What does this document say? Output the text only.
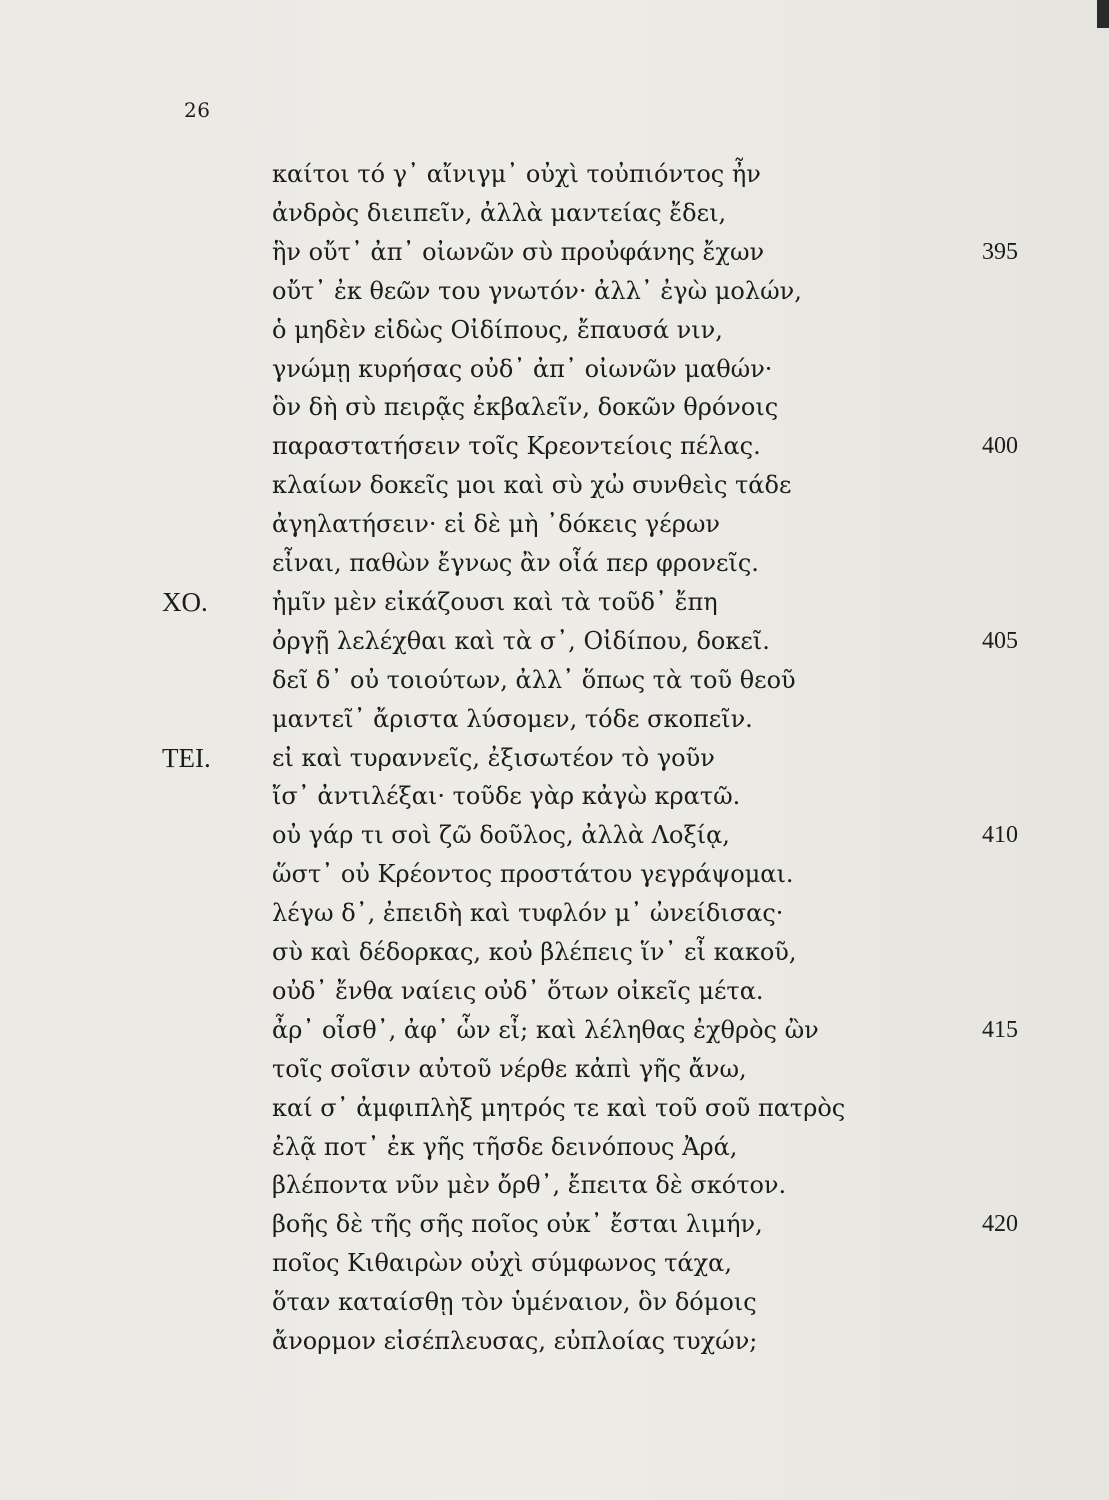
26
καίτοι τό γ᾽ αἴνιγμ᾽ οὐχὶ τοὐπιόντος ἦν
ἀνδρὸς διειπεῖν, ἀλλὰ μαντείας ἔδει,
ἣν οὔτ᾽ ἀπ᾽ οἰωνῶν σὺ προὐφάνης ἔχων	395
οὔτ᾽ ἐκ θεῶν του γνωτόν· ἀλλ᾽ ἐγὼ μολών,
ὁ μηδὲν εἰδὼς Οἰδίπους, ἔπαυσά νιν,
γνώμῃ κυρήσας οὐδ᾽ ἀπ᾽ οἰωνῶν μαθών·
ὃν δὴ σὺ πειρᾷς ἐκβαλεῖν, δοκῶν θρόνοις
παραστατήσειν τοῖς Κρεοντείοις πέλας.	400
κλαίων δοκεῖς μοι καὶ σὺ χὠ συνθεὶς τάδε
ἀγηλατήσειν· εἰ δὲ μὴ ᾽δόκεις γέρων
εἶναι, παθὼν ἔγνως ἂν οἷά περ φρονεῖς.
ΧΟ.	ἡμῖν μὲν εἰκάζουσι καὶ τὰ τοῦδ᾽ ἔπη
ὀργῇ λελέχθαι καὶ τὰ σ᾽, Οἰδίπου, δοκεῖ.	405
δεῖ δ᾽ οὐ τοιούτων, ἀλλ᾽ ὅπως τὰ τοῦ θεοῦ
μαντεῖ᾽ ἄριστα λύσομεν, τόδε σκοπεῖν.
ΤΕΙ.	εἰ καὶ τυραννεῖς, ἐξισωτέον τὸ γοῦν
ἴσ᾽ ἀντιλέξαι· τοῦδε γὰρ κἀγὼ κρατῶ.
οὐ γάρ τι σοὶ ζῶ δοῦλος, ἀλλὰ Λοξίᾳ,	410
ὥστ᾽ οὐ Κρέοντος προστάτου γεγράψομαι.
λέγω δ᾽, ἐπειδὴ καὶ τυφλόν μ᾽ ὠνείδισας·
σὺ καὶ δέδορκας, κοὐ βλέπεις ἵν᾽ εἶ κακοῦ,
οὐδ᾽ ἔνθα ναίεις οὐδ᾽ ὅτων οἰκεῖς μέτα.
ἆρ᾽ οἶσθ᾽, ἀφ᾽ ὧν εἶ; καὶ λέληθας ἐχθρὸς ὢν	415
τοῖς σοῖσιν αὐτοῦ νέρθε κἀπὶ γῆς ἄνω,
καί σ᾽ ἀμφιπλὴξ μητρός τε καὶ τοῦ σοῦ πατρὸς
ἐλᾷ ποτ᾽ ἐκ γῆς τῆσδε δεινόπους Ἀρά,
βλέποντα νῦν μὲν ὄρθ᾽, ἔπειτα δὲ σκότον.
βοῆς δὲ τῆς σῆς ποῖος οὐκ᾽ ἔσται λιμήν,	420
ποῖος Κιθαιρὼν οὐχὶ σύμφωνος τάχα,
ὅταν καταίσθῃ τὸν ὑμέναιον, ὃν δόμοις
ἄνορμον εἰσέπλευσας, εὐπλοίας τυχών;
